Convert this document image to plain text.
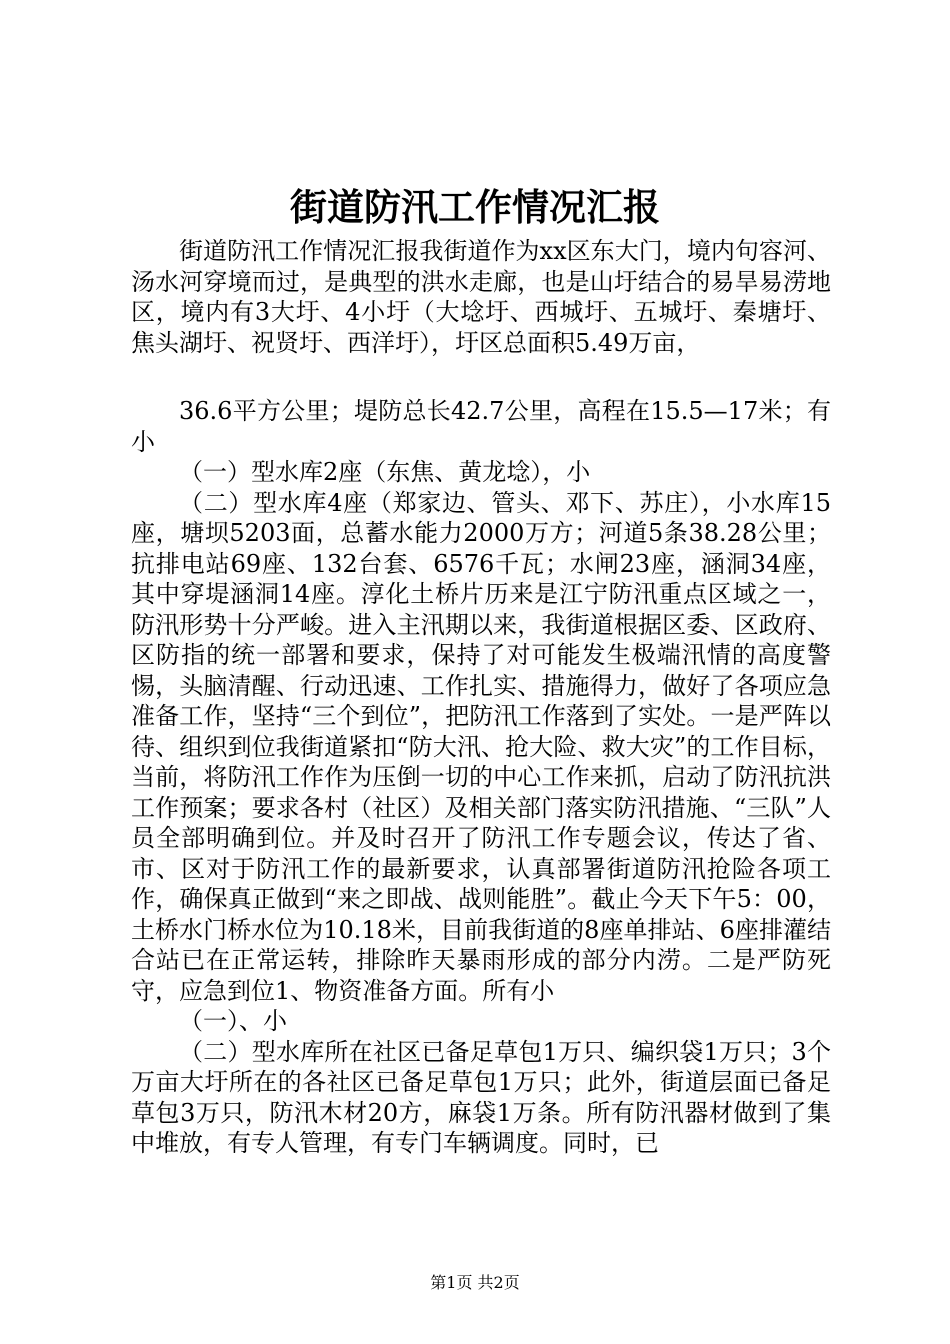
街道防汛工作情况汇报

街道防汛工作情况汇报我街道作为xx区东大门，境内句容河、汤水河穿境而过，是典型的洪水走廊，也是山圩结合的易旱易涝地区，境内有3大圩、4小圩（大埝圩、西城圩、五城圩、秦塘圩、焦头湖圩、祝贤圩、西洋圩），圩区总面积5.49万亩，

36.6平方公里；堤防总长42.7公里，高程在15.5—17米；有小

（一）型水库2座（东焦、黄龙埝），小

（二）型水库4座（郑家边、管头、邓下、苏庄），小水库15座，塘坝5203面，总蓄水能力2000万方；河道5条38.28公里；抗排电站69座、132台套、6576千瓦；水闸23座，涵洞34座，其中穿堤涵洞14座。淳化土桥片历来是江宁防汛重点区域之一，防汛形势十分严峻。进入主汛期以来，我街道根据区委、区政府、区防指的统一部署和要求，保持了对可能发生极端汛情的高度警惕，头脑清醒、行动迅速、工作扎实、措施得力，做好了各项应急准备工作，坚持“三个到位”，把防汛工作落到了实处。一是严阵以待、组织到位我街道紧扣“防大汛、抢大险、救大灾”的工作目标，当前，将防汛工作作为压倒一切的中心工作来抓，启动了防汛抗洪工作预案；要求各村（社区）及相关部门落实防汛措施、“三队”人员全部明确到位。并及时召开了防汛工作专题会议，传达了省、市、区对于防汛工作的最新要求，认真部署街道防汛抢险各项工作，确保真正做到“来之即战、战则能胜”。截止今天下午5：00，土桥水门桥水位为10.18米，目前我街道的8座单排站、6座排灌结合站已在正常运转，排除昨天暴雨形成的部分内涝。二是严防死守，应急到位1、物资准备方面。所有小

（一）、小

（二）型水库所在社区已备足草包1万只、编织袋1万只；3个万亩大圩所在的各社区已备足草包1万只；此外，街道层面已备足草包3万只，防汛木材20方，麻袋1万条。所有防汛器材做到了集中堆放，有专人管理，有专门车辆调度。同时，已

第1页 共2页
